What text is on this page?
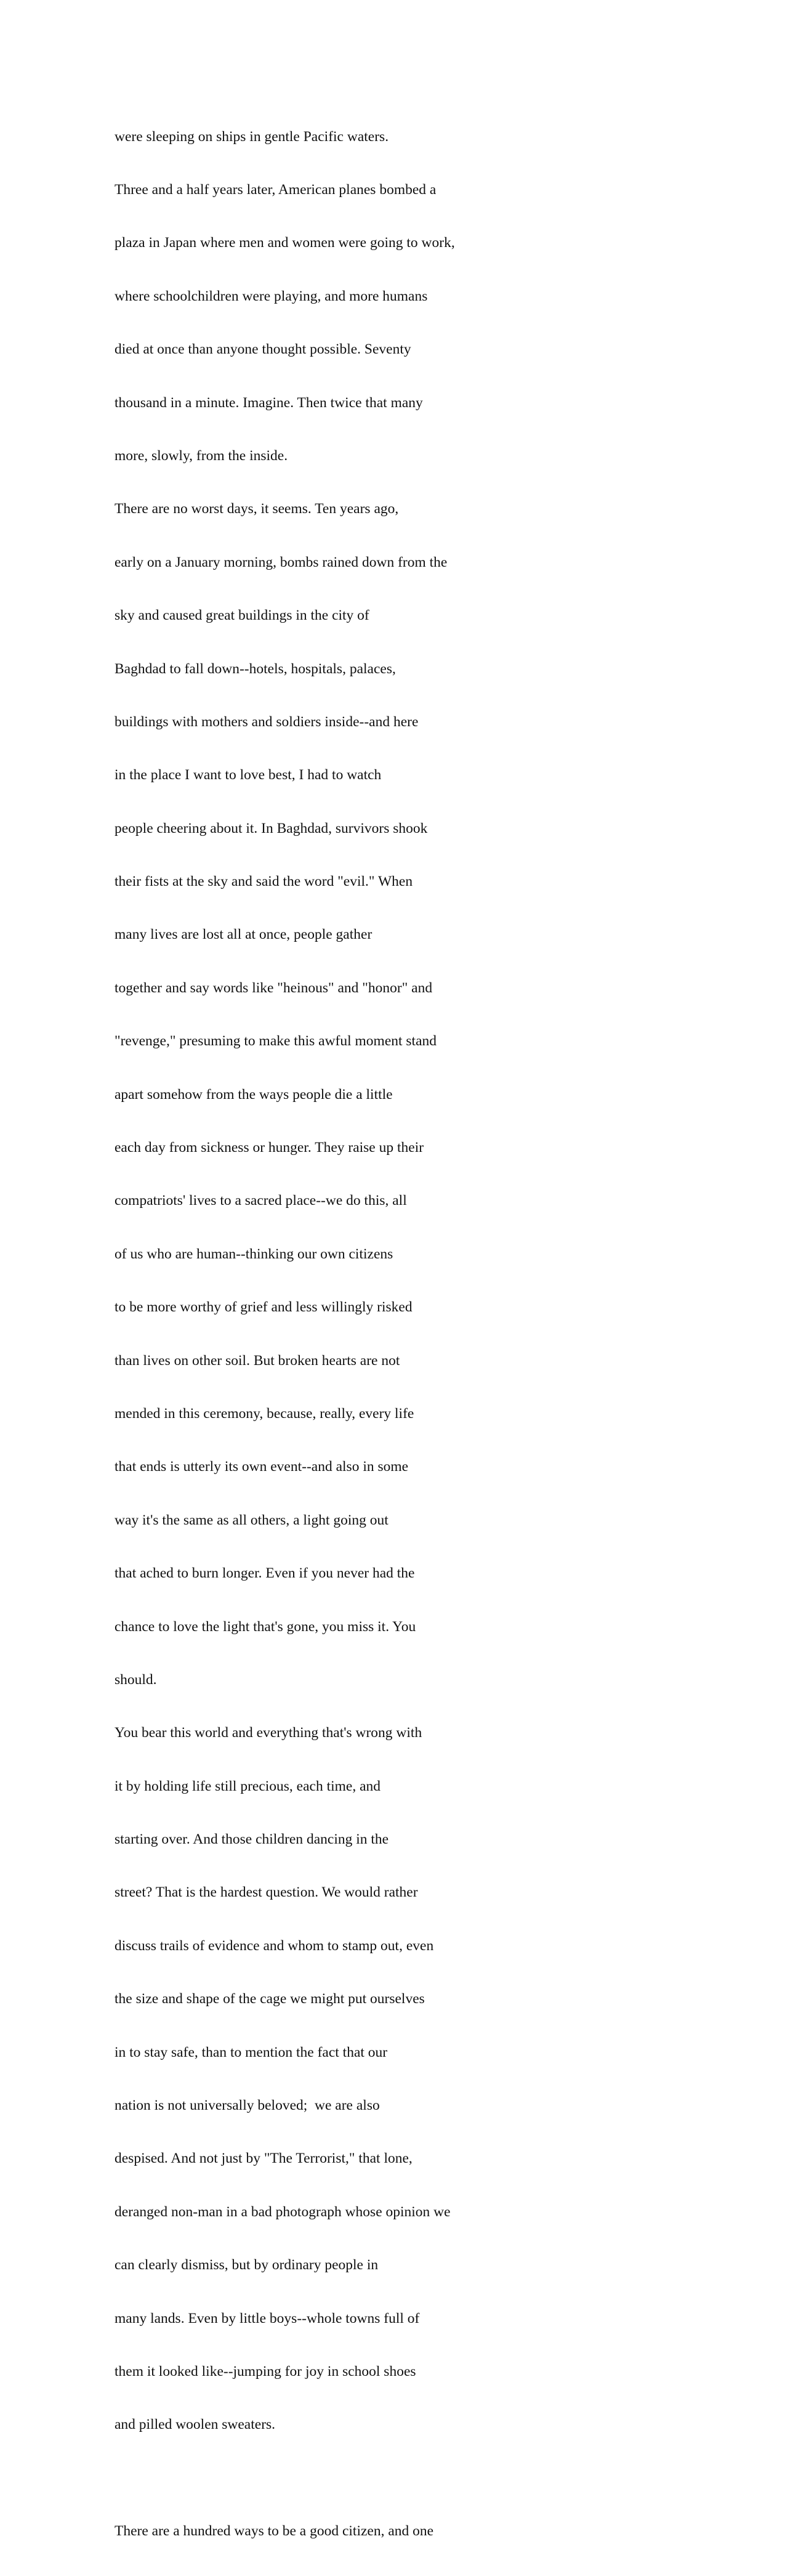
were sleeping on ships in gentle Pacific waters.

Three and a half years later, American planes bombed a

plaza in Japan where men and women were going to work,

where schoolchildren were playing, and more humans

died at once than anyone thought possible. Seventy

thousand in a minute. Imagine. Then twice that many

more, slowly, from the inside.

There are no worst days, it seems. Ten years ago,

early on a January morning, bombs rained down from the

sky and caused great buildings in the city of

Baghdad to fall down--hotels, hospitals, palaces,

buildings with mothers and soldiers inside--and here

in the place I want to love best, I had to watch

people cheering about it. In Baghdad, survivors shook

their fists at the sky and said the word "evil." When

many lives are lost all at once, people gather

together and say words like "heinous" and "honor" and

"revenge," presuming to make this awful moment stand

apart somehow from the ways people die a little

each day from sickness or hunger. They raise up their

compatriots' lives to a sacred place--we do this, all

of us who are human--thinking our own citizens

to be more worthy of grief and less willingly risked

than lives on other soil. But broken hearts are not

mended in this ceremony, because, really, every life

that ends is utterly its own event--and also in some

way it's the same as all others, a light going out

that ached to burn longer. Even if you never had the

chance to love the light that's gone, you miss it. You

should.

You bear this world and everything that's wrong with

it by holding life still precious, each time, and

starting over. And those children dancing in the

street? That is the hardest question. We would rather

discuss trails of evidence and whom to stamp out, even

the size and shape of the cage we might put ourselves

in to stay safe, than to mention the fact that our

nation is not universally beloved;  we are also

despised. And not just by "The Terrorist," that lone,

deranged non-man in a bad photograph whose opinion we

can clearly dismiss, but by ordinary people in

many lands. Even by little boys--whole towns full of

them it looked like--jumping for joy in school shoes

and pilled woolen sweaters.

There are a hundred ways to be a good citizen, and one
